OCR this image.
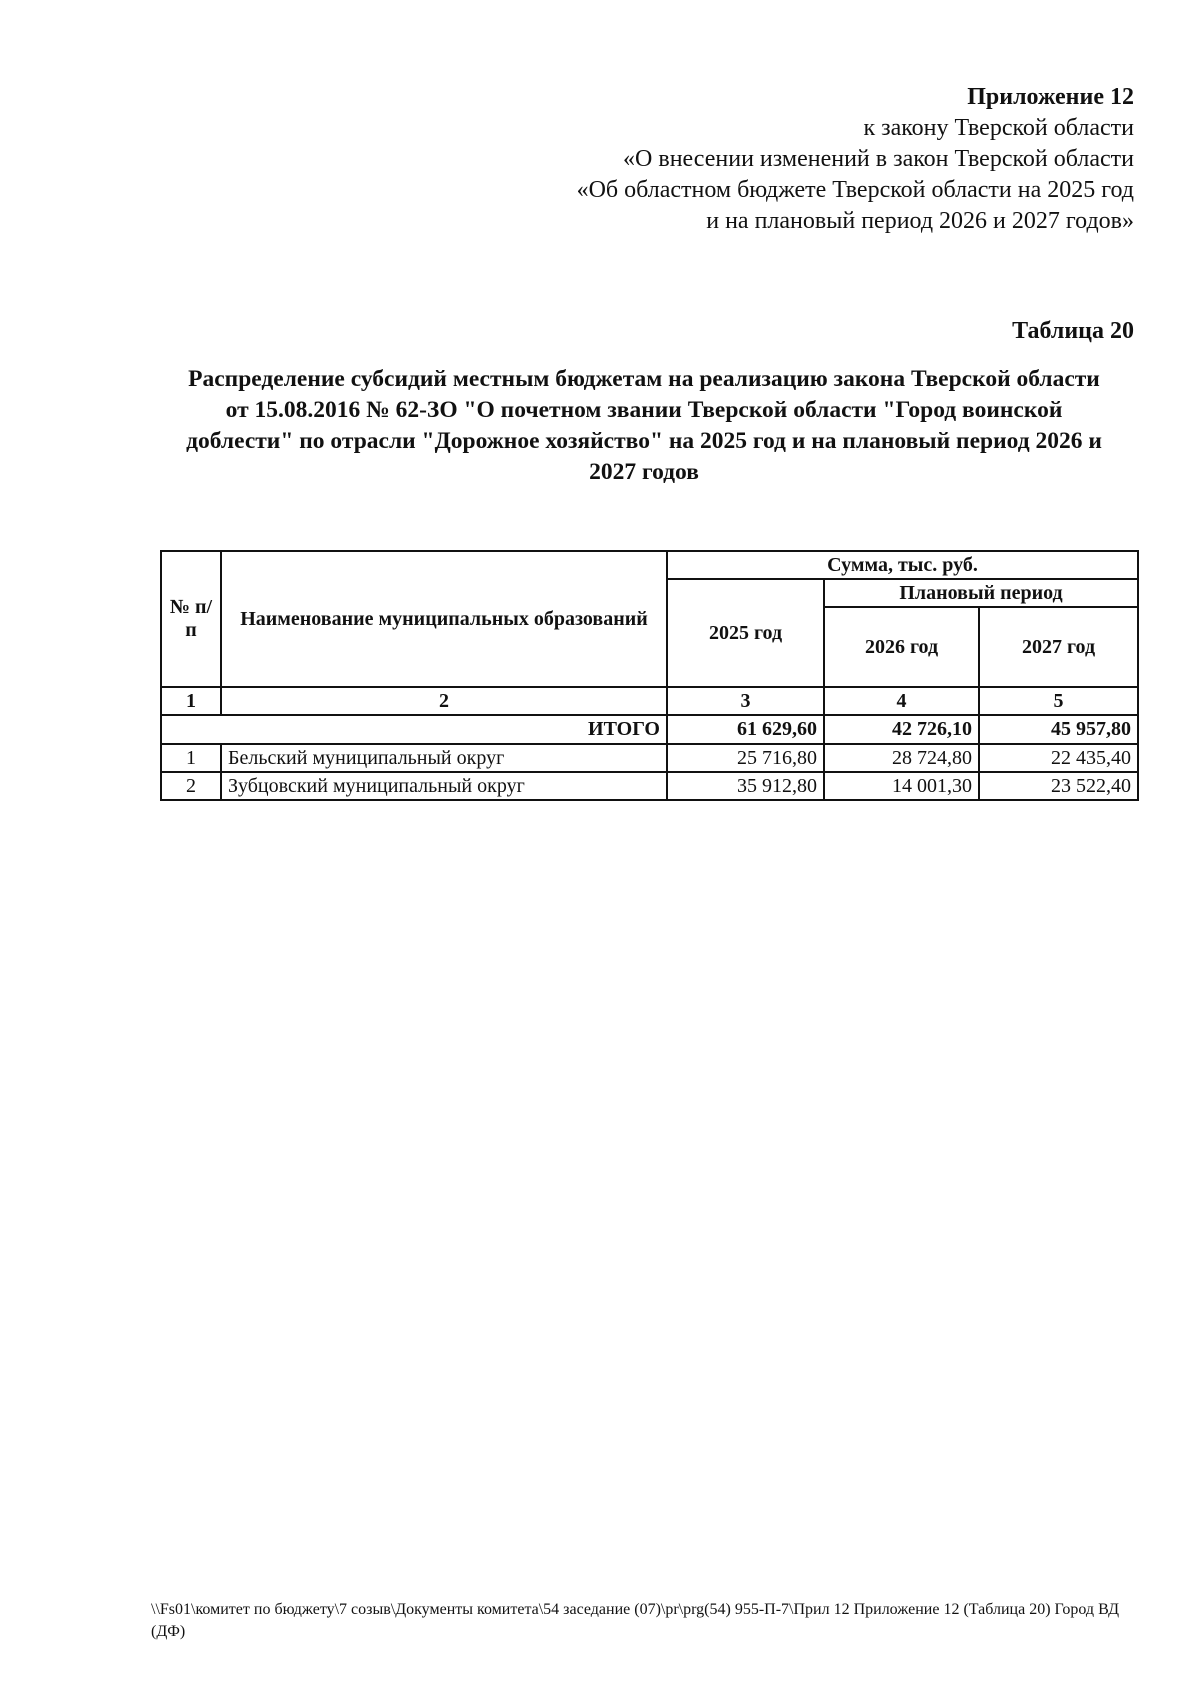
Приложение 12
к закону Тверской области
«О внесении изменений в закон Тверской области
«Об областном бюджете Тверской области на 2025 год
и на плановый период 2026 и 2027 годов»
Таблица 20
Распределение субсидий местным бюджетам на реализацию закона Тверской области
от 15.08.2016 № 62-ЗО "О почетном звании Тверской области "Город воинской
доблести" по отрасли "Дорожное хозяйство" на 2025 год и на плановый период 2026 и
2027 годов
№ п/п	Наименование муниципальных образований	Сумма, тыс. руб.		
		2025 год	Плановый период	
			2026 год	2027 год
1	2	3	4	5
ИТОГО		61 629,60	42 726,10	45 957,80
1	Бельский муниципальный округ	25 716,80	28 724,80	22 435,40
2	Зубцовский муниципальный округ	35 912,80	14 001,30	23 522,40
\\Fs01\комитет по бюджету\7 созыв\Документы комитета\54 заседание (07)\pr\prg(54) 955-П-7\Прил 12 Приложение 12 (Таблица 20) Город ВД (ДФ)
